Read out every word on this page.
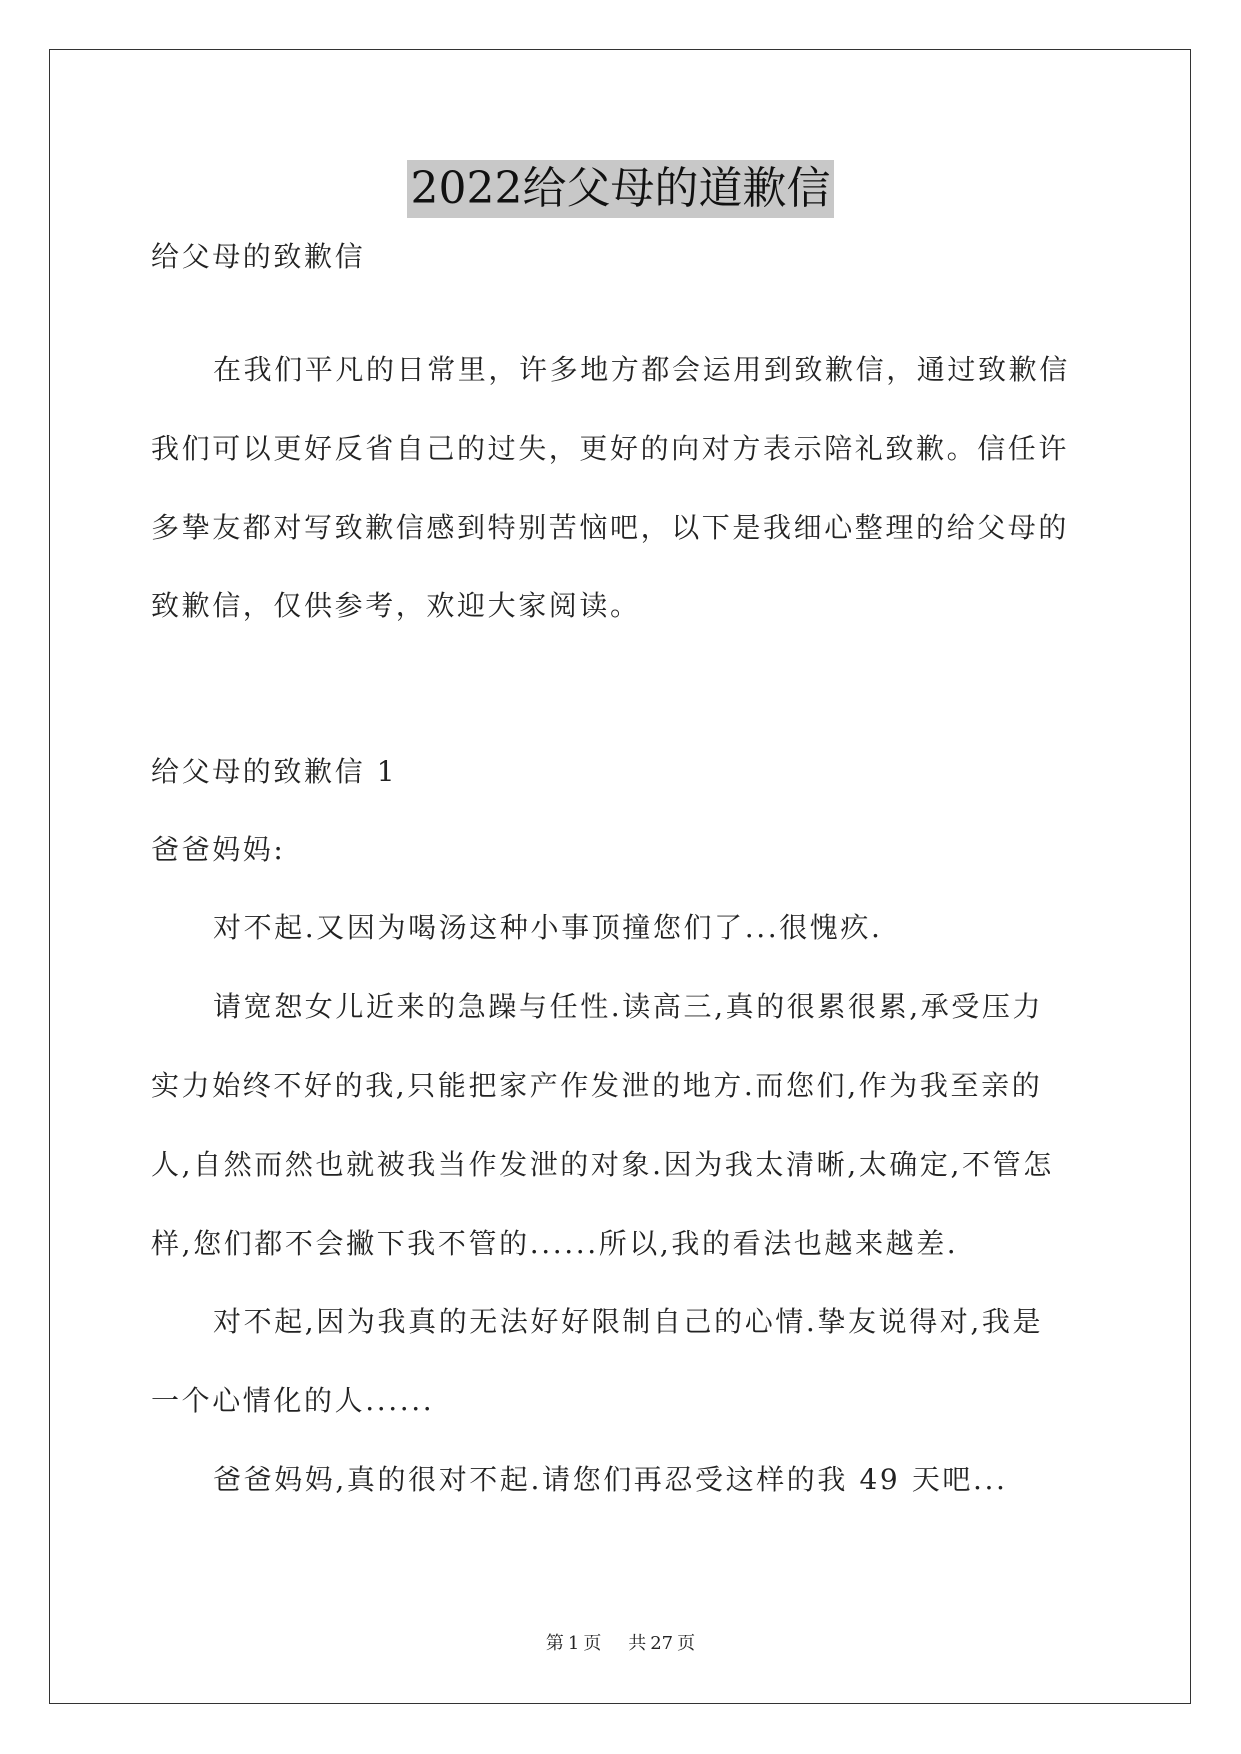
2022给父母的道歉信
给父母的致歉信
在我们平凡的日常里，许多地方都会运用到致歉信，通过致歉信
我们可以更好反省自己的过失，更好的向对方表示陪礼致歉。信任许
多挚友都对写致歉信感到特别苦恼吧，以下是我细心整理的给父母的
致歉信，仅供参考，欢迎大家阅读。
给父母的致歉信 1
爸爸妈妈:
对不起.又因为喝汤这种小事顶撞您们了...很愧疚.
请宽恕女儿近来的急躁与任性.读高三,真的很累很累,承受压力
实力始终不好的我,只能把家产作发泄的地方.而您们,作为我至亲的
人,自然而然也就被我当作发泄的对象.因为我太清晰,太确定,不管怎
样,您们都不会撇下我不管的......所以,我的看法也越来越差.
对不起,因为我真的无法好好限制自己的心情.挚友说得对,我是
一个心情化的人......
爸爸妈妈,真的很对不起.请您们再忍受这样的我 49 天吧...
第 1 页 共 27 页
